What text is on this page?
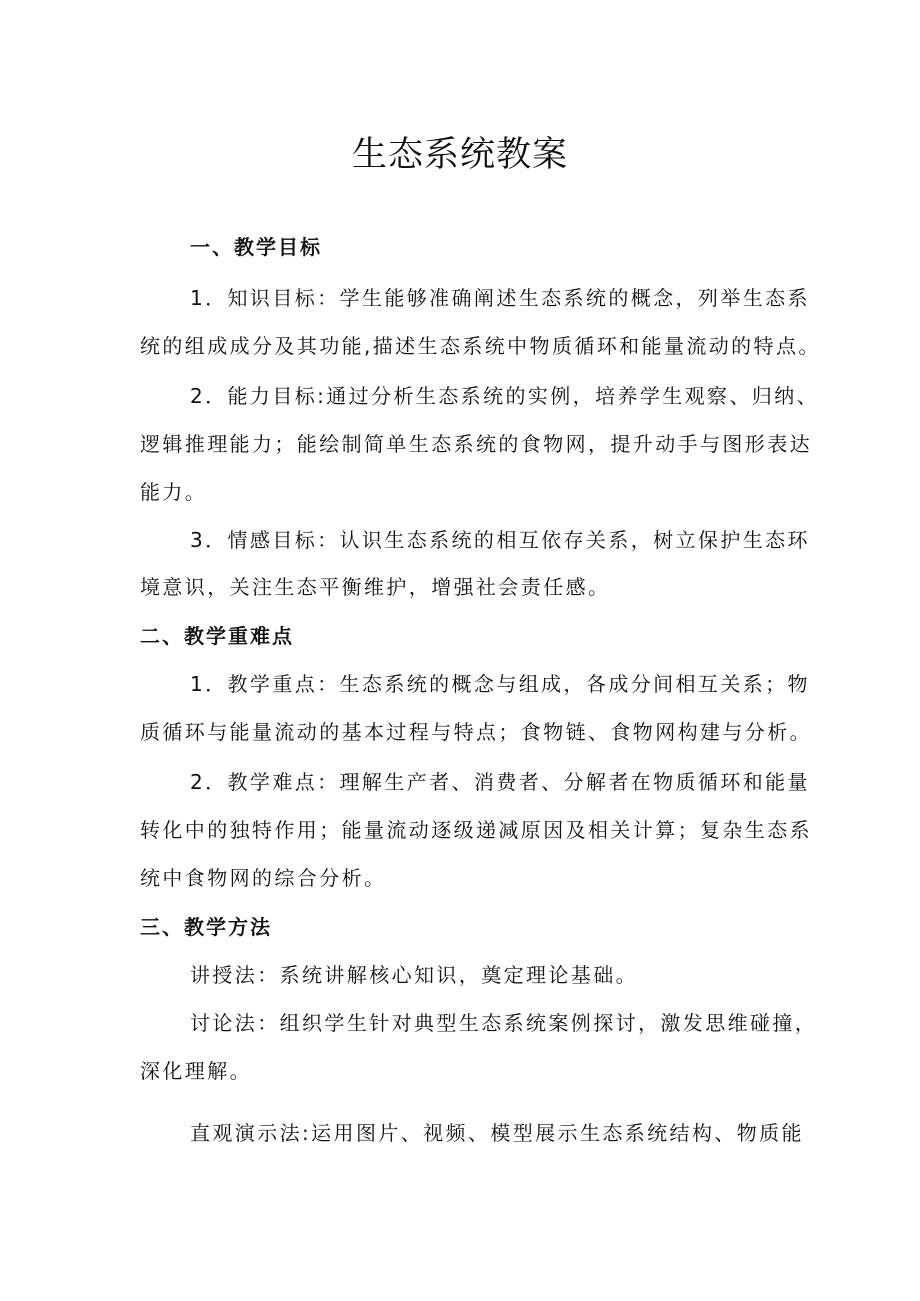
生态系统教案

一、教学目标

1．知识目标：学生能够准确阐述生态系统的概念，列举生态系

统的组成成分及其功能,描述生态系统中物质循环和能量流动的特点。

2．能力目标:通过分析生态系统的实例，培养学生观察、归纳、

逻辑推理能力；能绘制简单生态系统的食物网，提升动手与图形表达

能力。

3．情感目标：认识生态系统的相互依存关系，树立保护生态环

境意识，关注生态平衡维护，增强社会责任感。

二、教学重难点

1．教学重点：生态系统的概念与组成，各成分间相互关系；物

质循环与能量流动的基本过程与特点；食物链、食物网构建与分析。

2．教学难点：理解生产者、消费者、分解者在物质循环和能量

转化中的独特作用；能量流动逐级递减原因及相关计算；复杂生态系

统中食物网的综合分析。

三、教学方法

讲授法：系统讲解核心知识，奠定理论基础。

讨论法：组织学生针对典型生态系统案例探讨，激发思维碰撞，

深化理解。

直观演示法:运用图片、视频、模型展示生态系统结构、物质能
